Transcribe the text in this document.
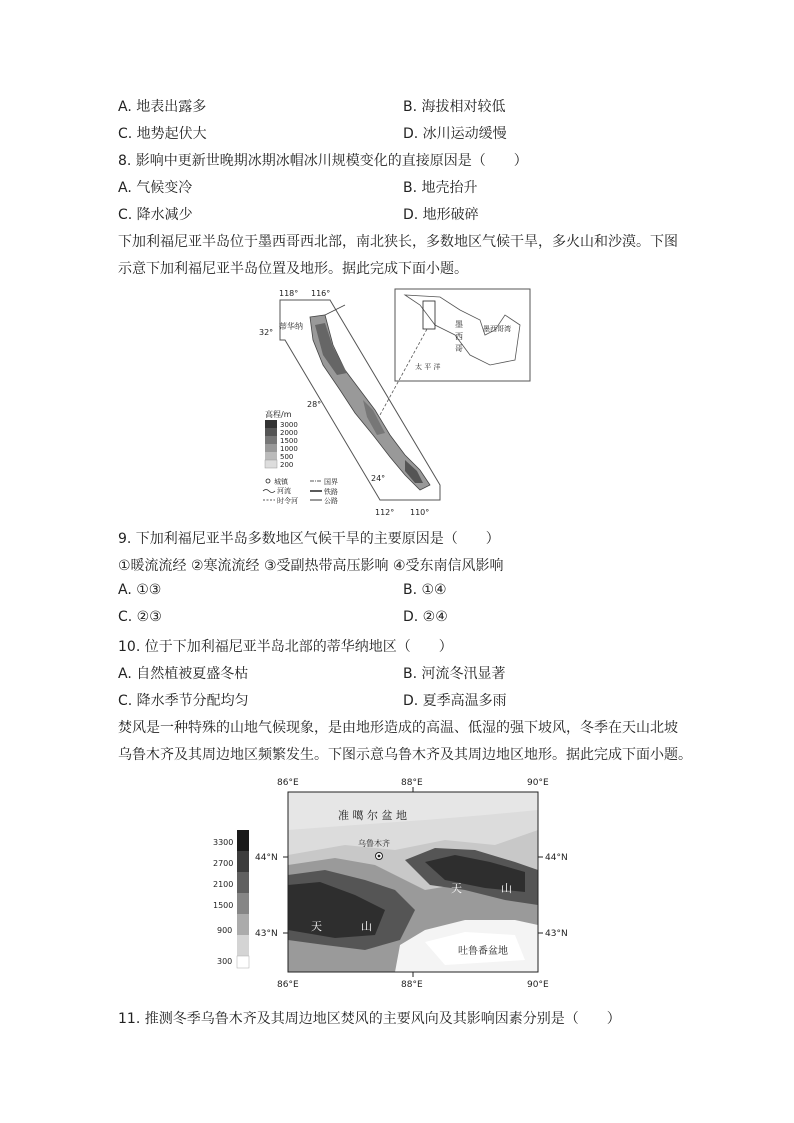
A. 地表出露多	B. 海拔相对较低
C. 地势起伏大	D. 冰川运动缓慢
8. 影响中更新世晚期冰期冰帽冰川规模变化的直接原因是（　　）
A. 气候变冷	B. 地壳抬升
C. 降水减少	D. 地形破碎
下加利福尼亚半岛位于墨西哥西北部，南北狭长，多数地区气候干旱，多火山和沙漠。下图
示意下加利福尼亚半岛位置及地形。据此完成下面小题。
118° 116°
32°
蒂华纳
28°
24°
112° 110°
高程/m
3000
2000
1500
1000
500
200
城镇
河流
时令河
国界
铁路
公路
墨
西
哥
墨西哥湾
太 平 洋
9. 下加利福尼亚半岛多数地区气候干旱的主要原因是（　　）
①暖流流经 ②寒流流经 ③受副热带高压影响 ④受东南信风影响
A. ①③	B. ①④
C. ②③	D. ②④
10. 位于下加利福尼亚半岛北部的蒂华纳地区（　　）
A. 自然植被夏盛冬枯	B. 河流冬汛显著
C. 降水季节分配均匀	D. 夏季高温多雨
焚风是一种特殊的山地气候现象，是由地形造成的高温、低湿的强下坡风，冬季在天山北坡
乌鲁木齐及其周边地区频繁发生。下图示意乌鲁木齐及其周边地区地形。据此完成下面小题。
86°E	88°E	90°E
86°E	88°E	90°E
44°N
43°N
44°N
43°N
准 噶 尔 盆 地
乌鲁木齐
天	山
天	山
吐鲁番盆地
3300
2700
2100
1500
900
300
11. 推测冬季乌鲁木齐及其周边地区焚风的主要风向及其影响因素分别是（　　）
